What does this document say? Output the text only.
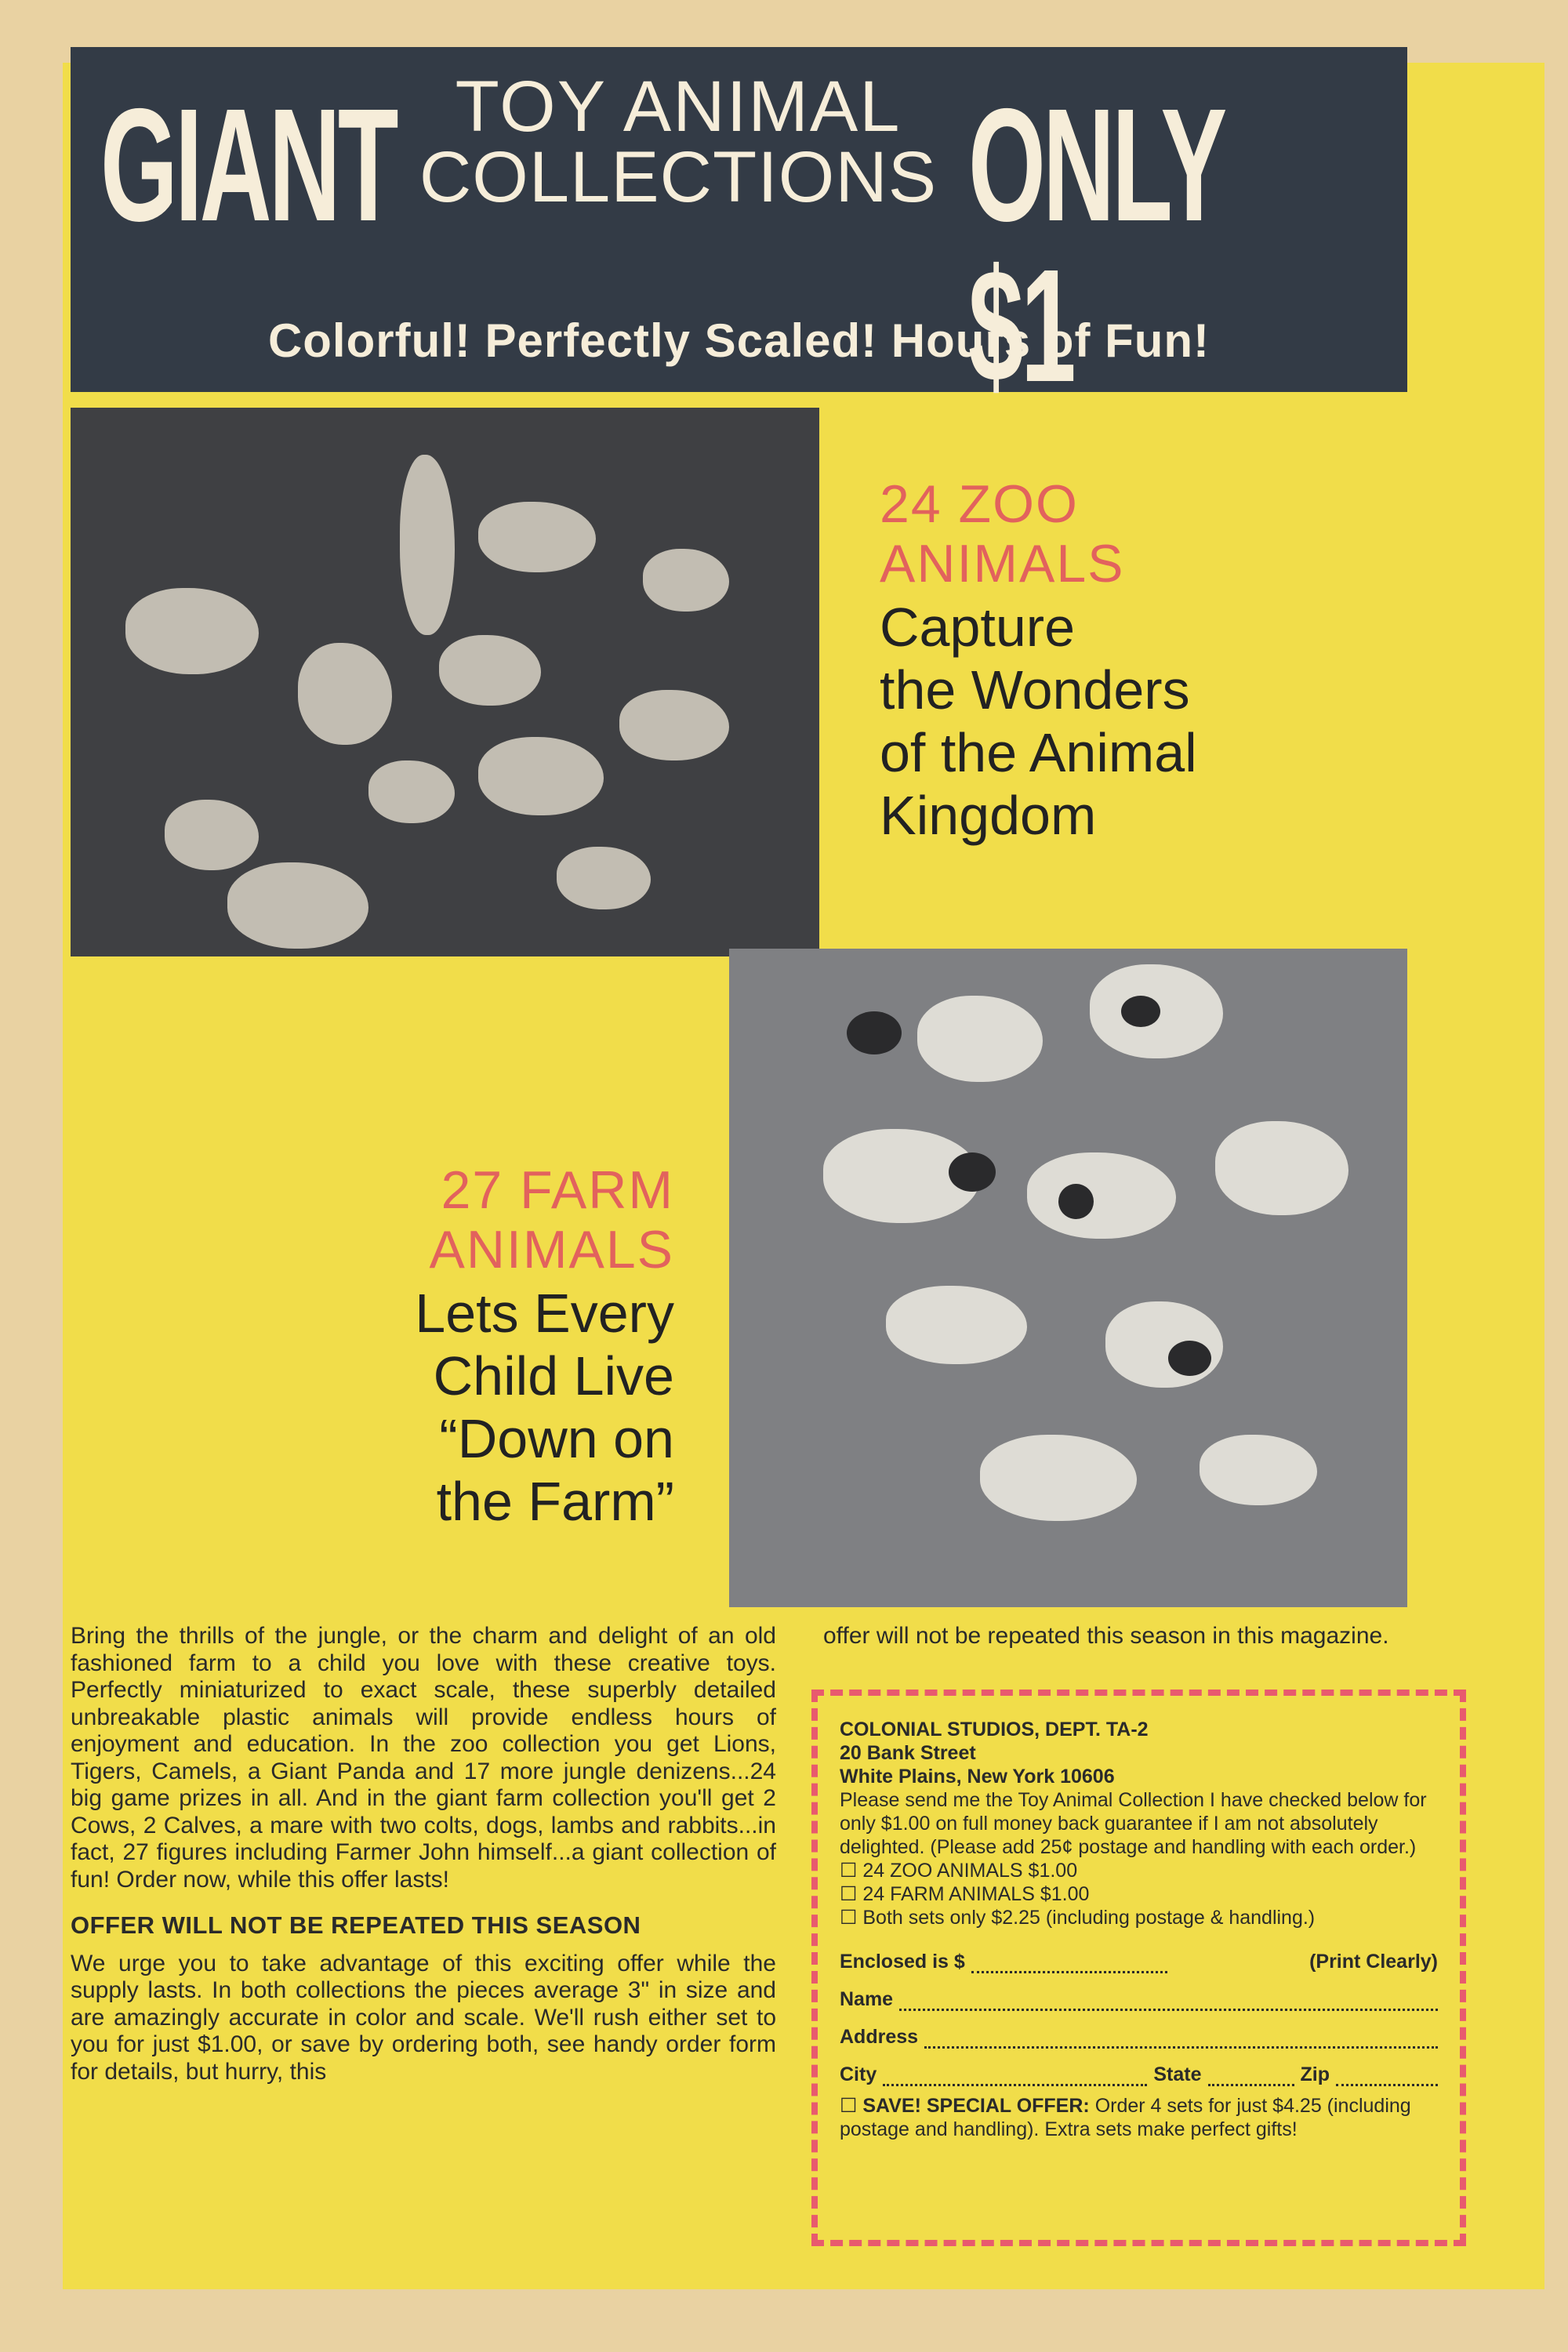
GIANT TOY ANIMAL
COLLECTIONS ONLY $1
Colorful! Perfectly Scaled! Hours of Fun!
24 ZOO
ANIMALS
Capture
the Wonders
of the Animal
Kingdom
27 FARM
ANIMALS
Lets Every
Child Live
“Down on
the Farm”

Bring the thrills of the jungle, or the charm and delight of an old fashioned farm to a child you love with these creative toys. Perfectly miniaturized to exact scale, these superbly detailed unbreakable plastic animals will provide endless hours of enjoyment and education. In the zoo collection you get Lions, Tigers, Camels, a Giant Panda and 17 more jungle denizens...24 big game prizes in all. And in the giant farm collection you'll get 2 Cows, 2 Calves, a mare with two colts, dogs, lambs and rabbits...in fact, 27 figures including Farmer John himself...a giant collection of fun! Order now, while this offer lasts!

OFFER WILL NOT BE REPEATED THIS SEASON

We urge you to take advantage of this exciting offer while the supply lasts. In both collections the pieces average 3" in size and are amazingly accurate in color and scale. We'll rush either set to you for just $1.00, or save by ordering both, see handy order form for details, but hurry, this

offer will not be repeated this season in this magazine.

COLONIAL STUDIOS, DEPT. TA-2
20 Bank Street
White Plains, New York 10606
Please send me the Toy Animal Collection I have checked below for only $1.00 on full money back guarantee if I am not absolutely delighted. (Please add 25¢ postage and handling with each order.)
☐ 24 ZOO ANIMALS $1.00
☐ 24 FARM ANIMALS $1.00
☐ Both sets only $2.25 (including postage & handling.)
Enclosed is $	(Print Clearly)
Name
Address
City	State	Zip
☐ SAVE! SPECIAL OFFER: Order 4 sets for just $4.25 (including postage and handling). Extra sets make perfect gifts!
